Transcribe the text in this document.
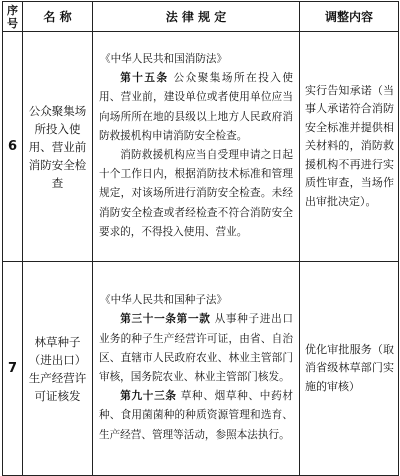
序号	名 称	法 律 规 定	调整内容
6	公众聚集场所投入使用、营业前消防安全检查	《中华人民共和国消防法》

第十五条 公众聚集场所在投入使用、营业前，建设单位或者使用单位应当向场所所在地的县级以上地方人民政府消防救援机构申请消防安全检查。

消防救援机构应当自受理申请之日起十个工作日内，根据消防技术标准和管理规定，对该场所进行消防安全检查。未经消防安全检查或者经检查不符合消防安全要求的，不得投入使用、营业。	实行告知承诺（当事人承诺符合消防安全标准并提供相关材料的，消防救援机构不再进行实质性审查，当场作出审批决定）。
7	林草种子（进出口）生产经营许可证核发	《中华人民共和国种子法》

第三十一条第一款 从事种子进出口业务的种子生产经营许可证，由省、自治区、直辖市人民政府农业、林业主管部门审核，国务院农业、林业主管部门核发。

第九十三条 草种、烟草种、中药材种、食用菌菌种的种质资源管理和选育、生产经营、管理等活动，参照本法执行。	优化审批服务（取消省级林草部门实施的审核）
